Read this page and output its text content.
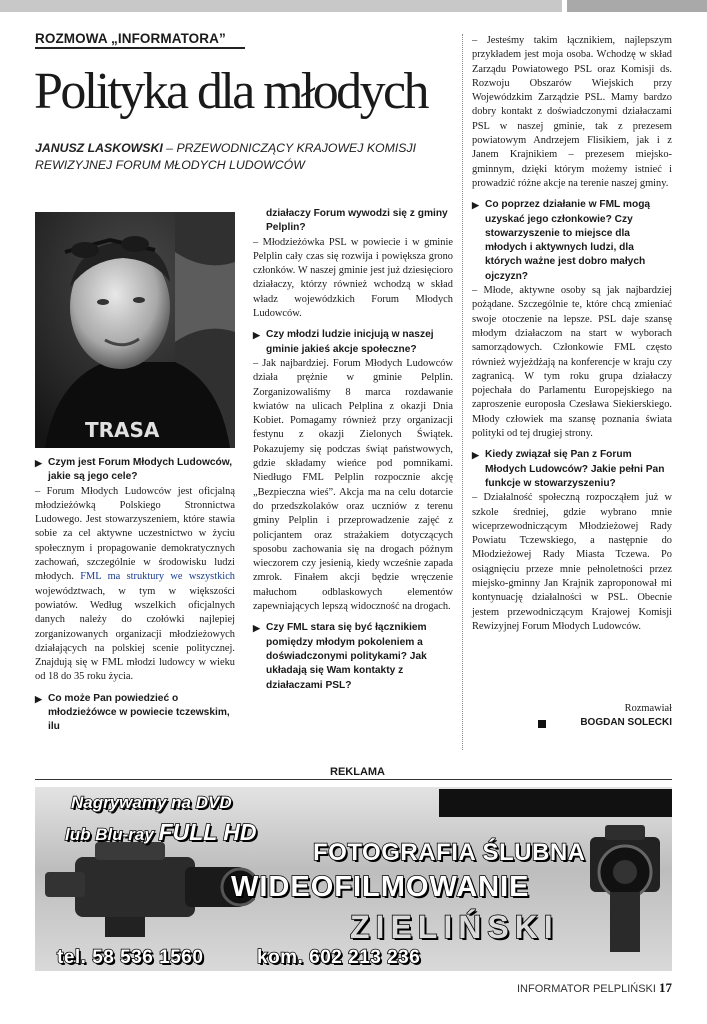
ROZMOWA „INFORMATORA”
Polityka dla młodych
JANUSZ LASKOWSKI – PRZEWODNICZĄCY KRAJOWEJ KOMISJI REWIZYJNEJ FORUM MŁODYCH LUDOWCÓW
TRASA

▶ Czym jest Forum Młodych Ludowców, jakie są jego cele?

– Forum Młodych Ludowców jest oficjalną młodzieżówką Polskiego Stronnictwa Ludowego. Jest stowarzyszeniem, które stawia sobie za cel aktywne uczestnictwo w życiu społecznym i propagowanie demokratycznych zachowań, szczególnie w środowisku ludzi młodych. FML ma struktury we wszystkich województwach, w tym w większości powiatów. Według wszelkich oficjalnych danych należy do czołówki najlepiej zorganizowanych organizacji młodzieżowych działających na polskiej scenie politycznej. Znajdują się w FML młodzi ludowcy w wieku od 18 do 35 roku życia.

▶ Co może Pan powiedzieć o młodzieżówce w powiecie tczewskim, ilu

działaczy Forum wywodzi się z gminy Pelplin?

– Młodzieżówka PSL w powiecie i w gminie Pelplin cały czas się rozwija i powiększa grono członków. W naszej gminie jest już dziesięcioro działaczy, którzy również wchodzą w skład władz wojewódzkich Forum Młodych Ludowców.

▶ Czy młodzi ludzie inicjują w naszej gminie jakieś akcje społeczne?

– Jak najbardziej. Forum Młodych Ludowców działa prężnie w gminie Pelplin. Zorganizowaliśmy 8 marca rozdawanie kwiatów na ulicach Pelplina z okazji Dnia Kobiet. Pomagamy również przy organizacji festynu z okazji Zielonych Świątek. Pokazujemy się podczas świąt państwowych, gdzie składamy wieńce pod pomnikami. Niedługo FML Pelplin rozpocznie akcję „Bezpieczna wieś”. Akcja ma na celu dotarcie do przedszkolaków oraz uczniów z terenu gminy Pelplin i przeprowadzenie zajęć z policjantem oraz strażakiem dotyczących sposobu zachowania się na drogach późnym wieczorem czy jesienią, kiedy wcześnie zapada zmrok. Finałem akcji będzie wręczenie małuchom odblaskowych elementów zapewniających lepszą widoczność na drogach.

▶ Czy FML stara się być łącznikiem pomiędzy młodym pokoleniem a doświadczonymi politykami? Jak układają się Wam kontakty z działaczami PSL?

– Jesteśmy takim łącznikiem, najlepszym przykładem jest moja osoba. Wchodzę w skład Zarządu Powiatowego PSL oraz Komisji ds. Rozwoju Obszarów Wiejskich przy Wojewódzkim Zarządzie PSL. Mamy bardzo dobry kontakt z doświadczonymi działaczami PSL w naszej gminie, tak z prezesem powiatowym Andrzejem Flisikiem, jak i z Janem Krajnikiem – prezesem miejsko-gminnym, dzięki którym możemy istnieć i prowadzić różne akcje na terenie naszej gminy.

▶ Co poprzez działanie w FML mogą uzyskać jego członkowie? Czy stowarzyszenie to miejsce dla młodych i aktywnych ludzi, dla których ważne jest dobro małych ojczyzn?

– Młode, aktywne osoby są jak najbardziej pożądane. Szczególnie te, które chcą zmieniać swoje otoczenie na lepsze. PSL daje szansę młodym działaczom na start w wyborach samorządowych. Członkowie FML często również wyjeżdżają na konferencje w kraju czy zagranicą. W tym roku grupa działaczy pojechała do Parlamentu Europejskiego na zaproszenie europosła Czesława Siekierskiego. Młody człowiek ma szansę poznania świata polityki od tej drugiej strony.

▶ Kiedy związał się Pan z Forum Młodych Ludowców? Jakie pełni Pan funkcje w stowarzyszeniu?

– Działalność społeczną rozpocząłem już w szkole średniej, gdzie wybrano mnie wiceprzewodniczącym Młodzieżowej Rady Powiatu Tczewskiego, a następnie do Młodzieżowej Rady Miasta Tczewa. Po osiągnięciu przeze mnie pełnoletności przez miejsko-gminny Jan Krajnik zaproponował mi kontynuację działalności w PSL. Obecnie jestem przewodniczącym Krajowej Komisji Rewizyjnej Forum Młodych Ludowców.

Rozmawiał
BOGDAN SOLECKI
REKLAMA
Nagrywamy na DVD
lub Blu-ray FULL HD
FOTOGRAFIA ŚLUBNA
WIDEOFILMOWANIE
ZIELIŃSKI
tel. 58 536 1560	kom. 602 213 236
INFORMATOR PELPLIŃSKI 17
